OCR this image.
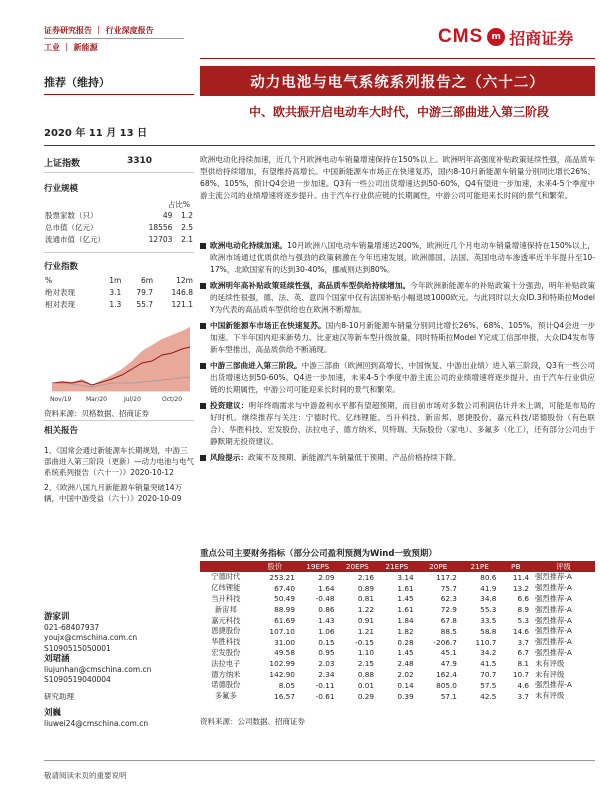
证券研究报告 ｜ 行业深度报告
工业 ｜ 新能源
CMS m 招商证券
推荐（维持）	动力电池与电气系统系列报告之（六十二）
中、欧共振开启电动车大时代，中游三部曲进入第三阶段
2020 年 11 月 13 日
上证指数	3310
行业规模
占比%
股票家数（只）	49	1.2
总市值（亿元）	18556	2.5
流通市值（亿元）	12703	2.1
行业指数
%	1m	6m	12m
绝对表现	3.1	79.7	146.8
相对表现	1.3	55.7	121.1
Nov/19 Mar/20	Jul/20	Oct/20
资料来源：贝格数据、招商证券
相关报告
1、《国常会通过新能源车长期规划，中游三部曲进入第三阶段（更新）—动力电池与电气系统系列报告（六十一）》2020-10-12
2、《欧洲八国九月新能源车销量突破14万辆，中国中游受益（六十）》2020-10-09
游家训
021-68407937
youjx@cmschina.com.cn
S1090515050001
刘珺涵
liujunhan@cmschina.com.cn
S1090519040004
研究助理
刘巍
liuwei24@cmschina.com.cn
欧洲电动化持续加速，近几个月欧洲电动车销量增速保持在150%以上。欧洲明年高强度补贴政策延续性强，高品质车型供给持续增加，有望维持高增长。中国新能源车市场正在快速复苏，国内8-10月新能源车销量分别同比增长26%、68%、105%，预计Q4会进一步加速。Q3有一些公司出货增速达到50-60%，Q4有望进一步加速，未来4-5个季度中游主流公司的业绩增速将逐步提升。由于汽车行业供应链的长期属性，中游公司可能迎来长时间的景气和繁荣。
欧洲电动化持续加速。10月欧洲八国电动车销量增速达200%，欧洲近几个月电动车销量增速保持在150%以上，欧洲市场通过优质供给与强劲的政策刺激在今年迅速发展，欧洲德国、法国、英国电动车渗透率近半年提升至10-17%，北欧国家有的达到30-40%，挪威则达到80%。
欧洲明年高补贴政策延续性强，高品质车型供给持续增加。今年欧洲新能源车的补贴政策十分强劲，明年补贴政策的延续性很强，德、法、英、意四个国家中仅有法国补贴小幅退坡1000欧元。与此同时以大众ID.3和特斯拉Model Y为代表的高品质车型供给也在欧洲不断增加。
中国新能源车市场正在快速复苏。国内8-10月新能源车销量分别同比增长26%、68%、105%，预计Q4会进一步加速。下半年国内迎来新势力、比亚迪汉等新车型升级放量，同时特斯拉Model Y完成工信部申报，大众ID4发布等新车型推出，高品质供给不断涌现。
中游三部曲进入第三阶段。中游三部曲（欧洲回到高增长、中国恢复、中游出业绩）进入第三阶段，Q3有一些公司出货增速达到50-60%，Q4进一步加速，未来4-5个季度中游主流公司的业绩增速将逐步提升。由于汽车行业供应链的长期属性，中游公司可能迎来长时间的景气和繁荣。
投资建议：明年终端需求与中游盈利水平都有望超预期，而目前市场对多数公司利润估计并未上调，可能是布局的好时机。继续推荐与关注：宁德时代、亿纬锂能、当升科技、新宙邦、恩捷股份、嘉元科技/诺德股份（有色联合）、华胜科技、宏发股份、法拉电子、德方纳米、贝特瑞、天际股份（家电）、多氟多（化工），还有部分公司由于静默期无投资建议。
风险提示：政策不及预期、新能源汽车销量低于预期、产品价格持续下降。
重点公司主要财务指标（部分公司盈利预测为Wind一致预期）
	股价	19EPS	20EPS	21EPS	20PE	21PE	PB	评级
宁德时代	253.21	2.09	2.16	3.14	117.2	80.6	11.4	强烈推荐-A
亿纬锂能	67.40	1.64	0.89	1.61	75.7	41.9	13.2	强烈推荐-A
当升科技	50.49	-0.48	0.81	1.45	62.3	34.8	6.6	强烈推荐-A
新宙邦	88.99	0.86	1.22	1.61	72.9	55.3	8.9	强烈推荐-A
嘉元科技	61.69	1.43	0.91	1.84	67.8	33.5	5.3	强烈推荐-A
恩捷股份	107.10	1.06	1.21	1.82	88.5	58.8	14.6	强烈推荐-A
华胜科技	31.00	0.15	-0.15	0.28	-206.7	110.7	3.7	强烈推荐-A
宏发股份	49.58	0.95	1.10	1.45	45.1	34.2	6.7	强烈推荐-A
法拉电子	102.99	2.03	2.15	2.48	47.9	41.5	8.1	未有评级
德方纳米	142.90	2.34	0.88	2.02	162.4	70.7	10.7	未有评级
诺德股份	8.05	-0.11	0.01	0.14	805.0	57.5	4.6	强烈推荐-A
多氟多	16.57	-0.61	0.29	0.39	57.1	42.5	3.7	未有评级
资料来源：公司数据、招商证券
敬请阅读末页的重要说明
